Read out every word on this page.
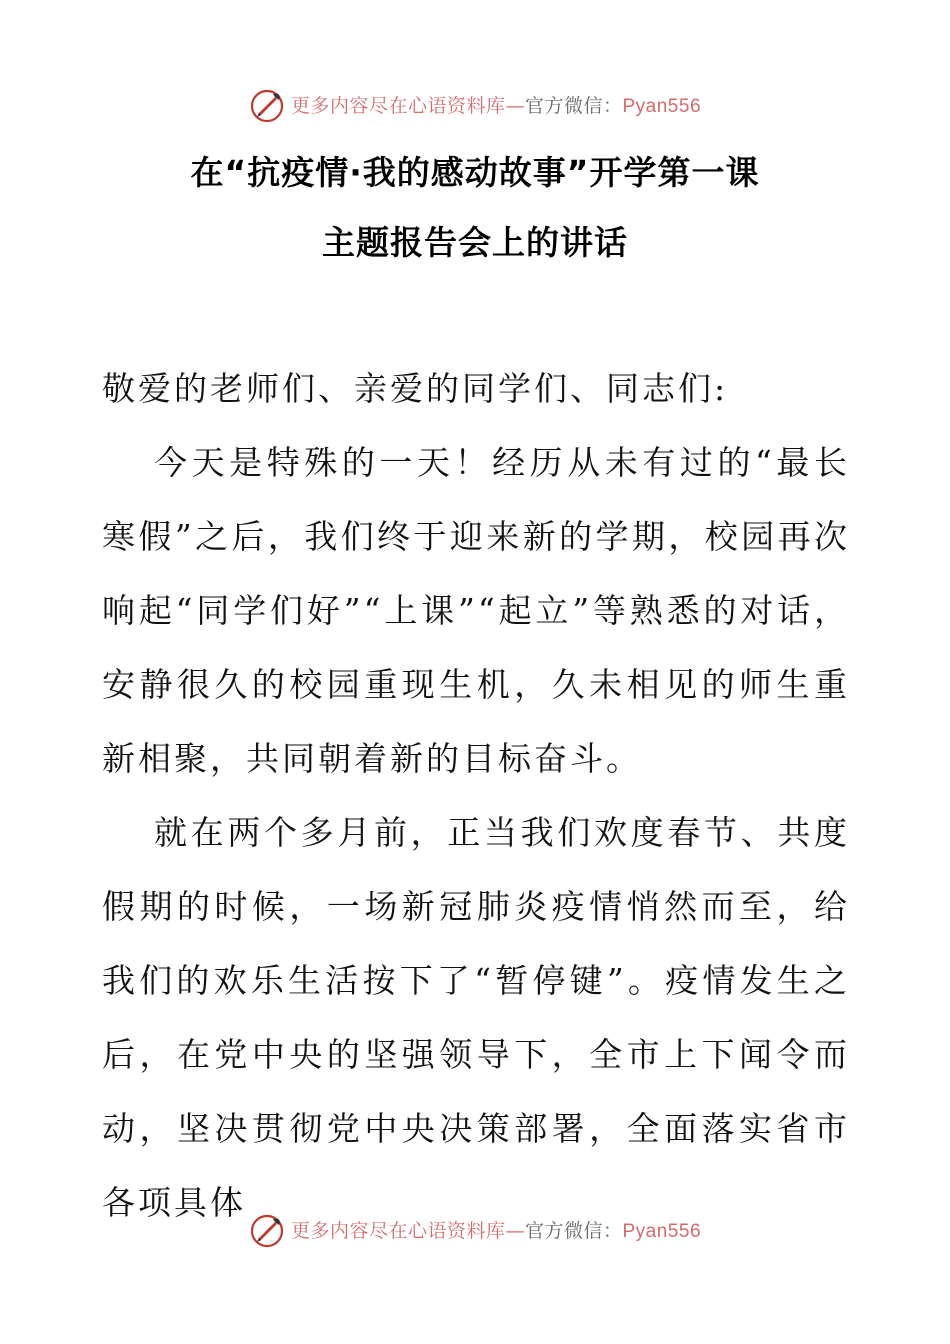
更多内容尽在心语资料库—官方微信：Pyan556
在“抗疫情·我的感动故事”开学第一课
主题报告会上的讲话

敬爱的老师们、亲爱的同学们、同志们:

今天是特殊的一天！经历从未有过的“最长寒假”之后，我们终于迎来新的学期，校园再次响起“同学们好”“上课”“起立”等熟悉的对话，安静很久的校园重现生机，久未相见的师生重新相聚，共同朝着新的目标奋斗。

就在两个多月前，正当我们欢度春节、共度假期的时候，一场新冠肺炎疫情悄然而至，给我们的欢乐生活按下了“暂停键”。疫情发生之后，在党中央的坚强领导下，全市上下闻令而动，坚决贯彻党中央决策部署，全面落实省市各项具体

更多内容尽在心语资料库—官方微信：Pyan556
